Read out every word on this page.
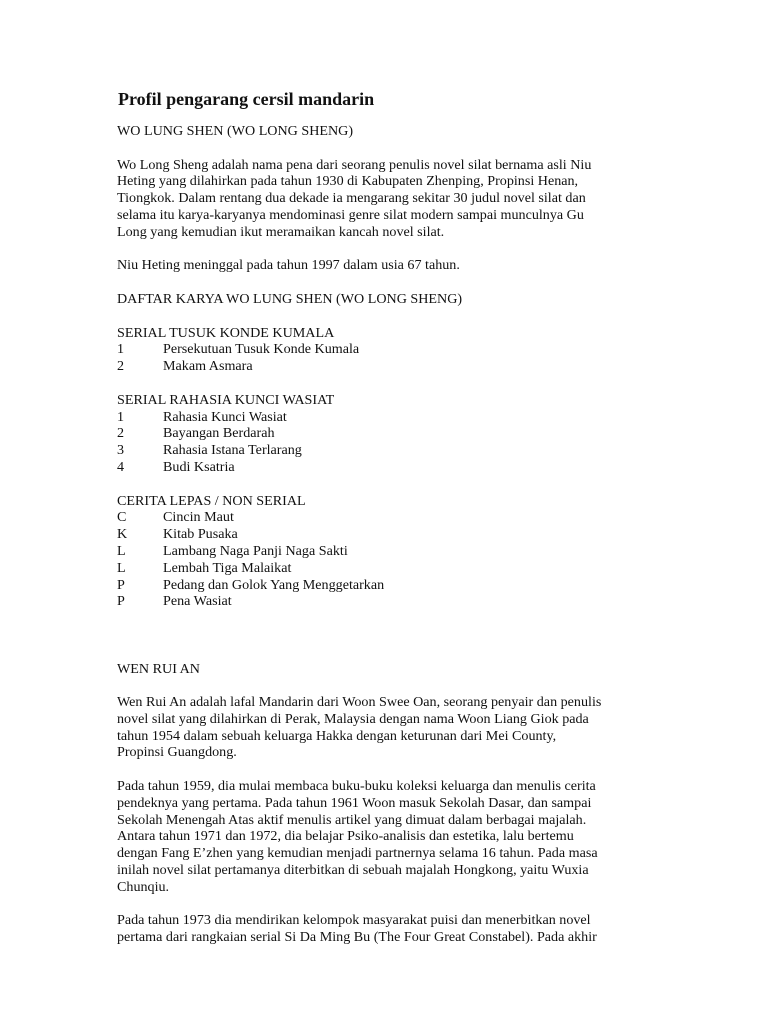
Profil pengarang cersil mandarin

WO LUNG SHEN (WO LONG SHENG)

Wo Long Sheng adalah nama pena dari seorang penulis novel silat bernama asli Niu
Heting yang dilahirkan pada tahun 1930 di Kabupaten Zhenping, Propinsi Henan,
Tiongkok. Dalam rentang dua dekade ia mengarang sekitar 30 judul novel silat dan
selama itu karya-karyanya mendominasi genre silat modern sampai munculnya Gu
Long yang kemudian ikut meramaikan kancah novel silat.

Niu Heting meninggal pada tahun 1997 dalam usia 67 tahun.

DAFTAR KARYA WO LUNG SHEN (WO LONG SHENG)

SERIAL TUSUK KONDE KUMALA

1	Persekutuan Tusuk Konde Kumala
2	Makam Asmara

SERIAL RAHASIA KUNCI WASIAT

1	Rahasia Kunci Wasiat
2	Bayangan Berdarah
3	Rahasia Istana Terlarang
4	Budi Ksatria

CERITA LEPAS / NON SERIAL

C	Cincin Maut
K	Kitab Pusaka
L	Lambang Naga Panji Naga Sakti
L	Lembah Tiga Malaikat
P	Pedang dan Golok Yang Menggetarkan
P	Pena Wasiat

WEN RUI AN

Wen Rui An adalah lafal Mandarin dari Woon Swee Oan, seorang penyair dan penulis
novel silat yang dilahirkan di Perak, Malaysia dengan nama Woon Liang Giok pada
tahun 1954 dalam sebuah keluarga Hakka dengan keturunan dari Mei County,
Propinsi Guangdong.

Pada tahun 1959, dia mulai membaca buku-buku koleksi keluarga dan menulis cerita
pendeknya yang pertama. Pada tahun 1961 Woon masuk Sekolah Dasar, dan sampai
Sekolah Menengah Atas aktif menulis artikel yang dimuat dalam berbagai majalah.
Antara tahun 1971 dan 1972, dia belajar Psiko-analisis dan estetika, lalu bertemu
dengan Fang E’zhen yang kemudian menjadi partnernya selama 16 tahun. Pada masa
inilah novel silat pertamanya diterbitkan di sebuah majalah Hongkong, yaitu Wuxia
Chunqiu.

Pada tahun 1973 dia mendirikan kelompok masyarakat puisi dan menerbitkan novel
pertama dari rangkaian serial Si Da Ming Bu (The Four Great Constabel). Pada akhir
